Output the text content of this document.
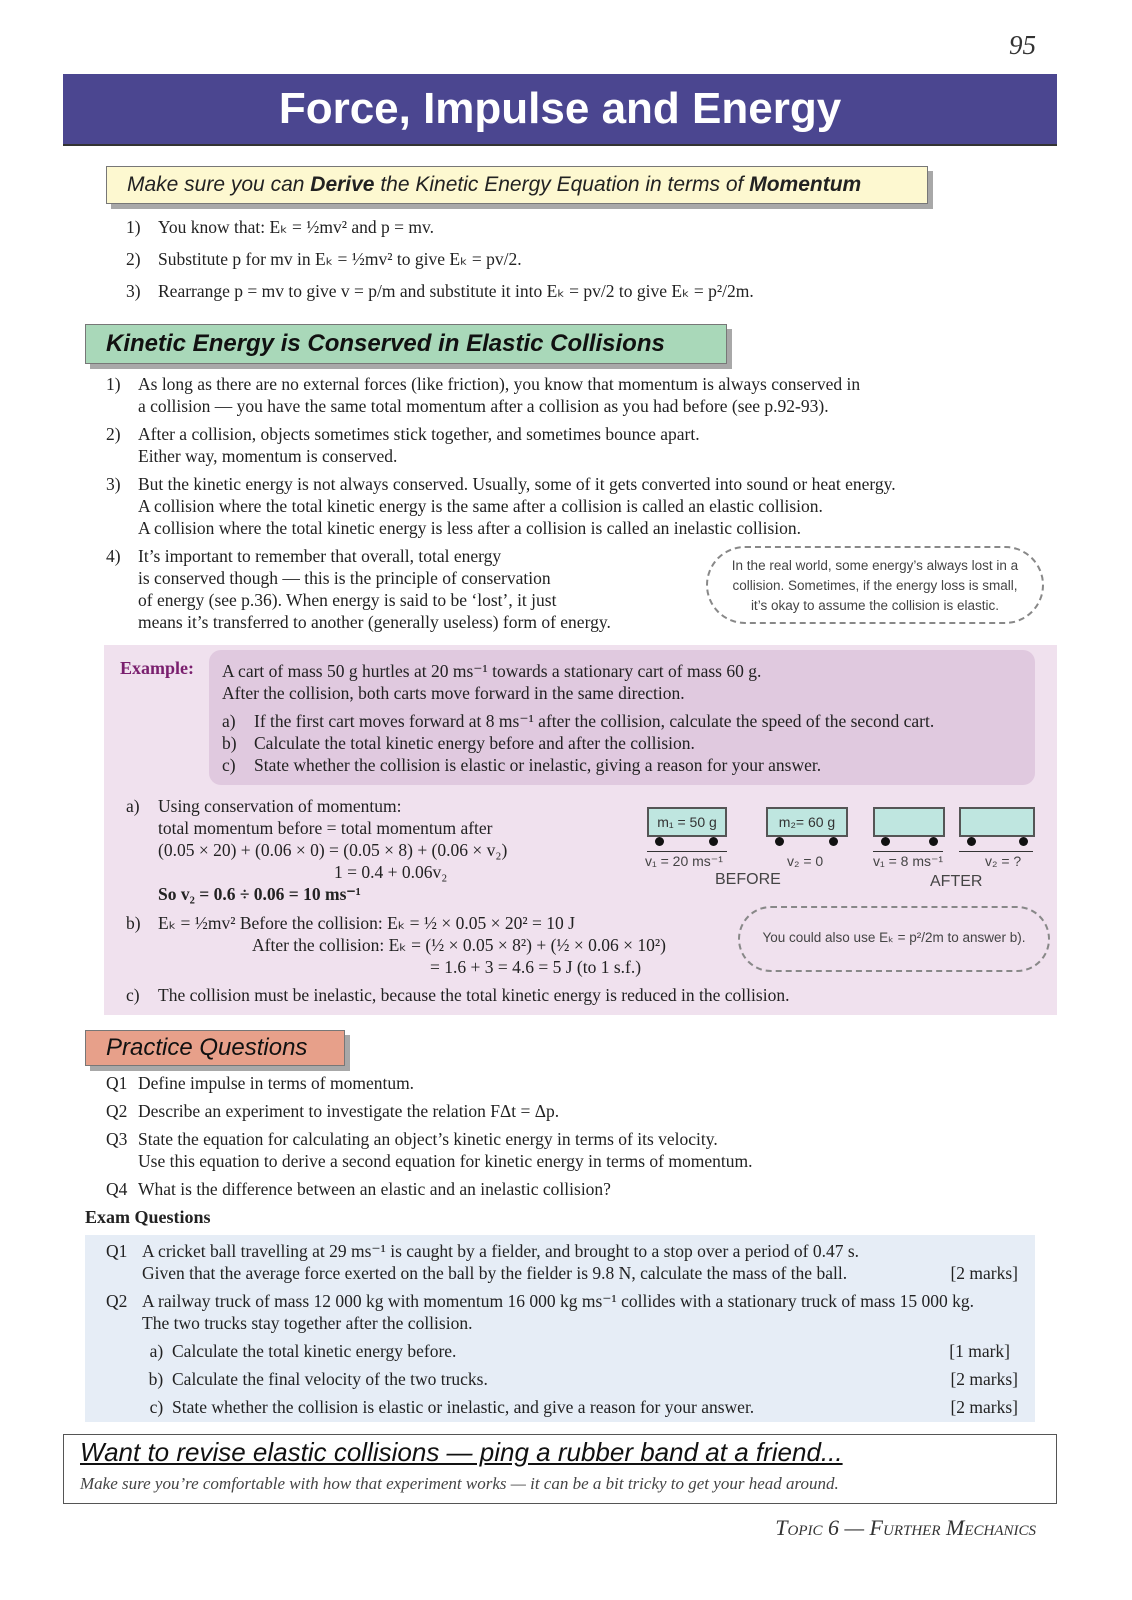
95
Force, Impulse and Energy
Make sure you can
Derive
the Kinetic Energy Equation in terms of
Momentum
1) You know that: Eₖ = ½mv² and p = mv.
2) Substitute p for mv in Eₖ = ½mv² to give Eₖ = pv/2.
3) Rearrange p = mv to give v = p/m and substitute it into Eₖ = pv/2 to give Eₖ = p²/2m.
Kinetic Energy is Conserved in Elastic Collisions
1) As long as there are no external forces (like friction), you know that momentum is always conserved in
a collision — you have the same total momentum after a collision as you had before (see p.92-93).
2) After a collision, objects sometimes stick together, and sometimes bounce apart.
Either way, momentum is conserved.
3) But the kinetic energy is not always conserved. Usually, some of it gets converted into sound or heat energy.
A collision where the total kinetic energy is the same after a collision is called an elastic collision.
A collision where the total kinetic energy is less after a collision is called an inelastic collision.
4) It’s important to remember that overall, total energy
is conserved though — this is the principle of conservation
of energy (see p.36). When energy is said to be ‘lost’, it just
means it’s transferred to another (generally useless) form of energy.
In the real world, some energy’s always lost in a
collision. Sometimes, if the energy loss is small,
it’s okay to assume the collision is elastic.
Example: A cart of mass 50 g hurtles at 20 ms⁻¹ towards a stationary cart of mass 60 g.
After the collision, both carts move forward in the same direction.
a) If the first cart moves forward at 8 ms⁻¹ after the collision, calculate the speed of the second cart.
b) Calculate the total kinetic energy before and after the collision.
c) State whether the collision is elastic or inelastic, giving a reason for your answer.
a) Using conservation of momentum:
total momentum before = total momentum after
(0.05 × 20) + (0.06 × 0) = (0.05 × 8) + (0.06 × v₂)
1 = 0.4 + 0.06v₂
So v₂ = 0.6 ÷ 0.06 = 10 ms⁻¹
m₁ = 50 g
v₁ = 20 ms⁻¹
m₂= 60 g
v₂ = 0	v₁ = 8 ms⁻¹	v₂ = ?
BEFORE	AFTER
b) Eₖ = ½mv² Before the collision: Eₖ = ½ × 0.05 × 20² = 10 J
After the collision: Eₖ = (½ × 0.05 × 8²) + (½ × 0.06 × 10²)
= 1.6 + 3 = 4.6 = 5 J (to 1 s.f.)
You could also use Eₖ = p²/2m to answer b).
c) The collision must be inelastic, because the total kinetic energy is reduced in the collision.
Practice Questions
Q1 Define impulse in terms of momentum.
Q2 Describe an experiment to investigate the relation FΔt = Δp.
Q3 State the equation for calculating an object’s kinetic energy in terms of its velocity.
Use this equation to derive a second equation for kinetic energy in terms of momentum.
Q4 What is the difference between an elastic and an inelastic collision?
Exam Questions
Q1 A cricket ball travelling at 29 ms⁻¹ is caught by a fielder, and brought to a stop over a period of 0.47 s.
Given that the average force exerted on the ball by the fielder is 9.8 N, calculate the mass of the ball.	[2 marks]
Q2 A railway truck of mass 12 000 kg with momentum 16 000 kg ms⁻¹ collides with a stationary truck of mass 15 000 kg.
The two trucks stay together after the collision.
a) Calculate the total kinetic energy before.	[1 mark]
b) Calculate the final velocity of the two trucks.	[2 marks]
c) State whether the collision is elastic or inelastic, and give a reason for your answer.	[2 marks]
Want to revise elastic collisions — ping a rubber band at a friend...
Make sure you’re comfortable with how that experiment works — it can be a bit tricky to get your head around.
Topic 6 — Further Mechanics
